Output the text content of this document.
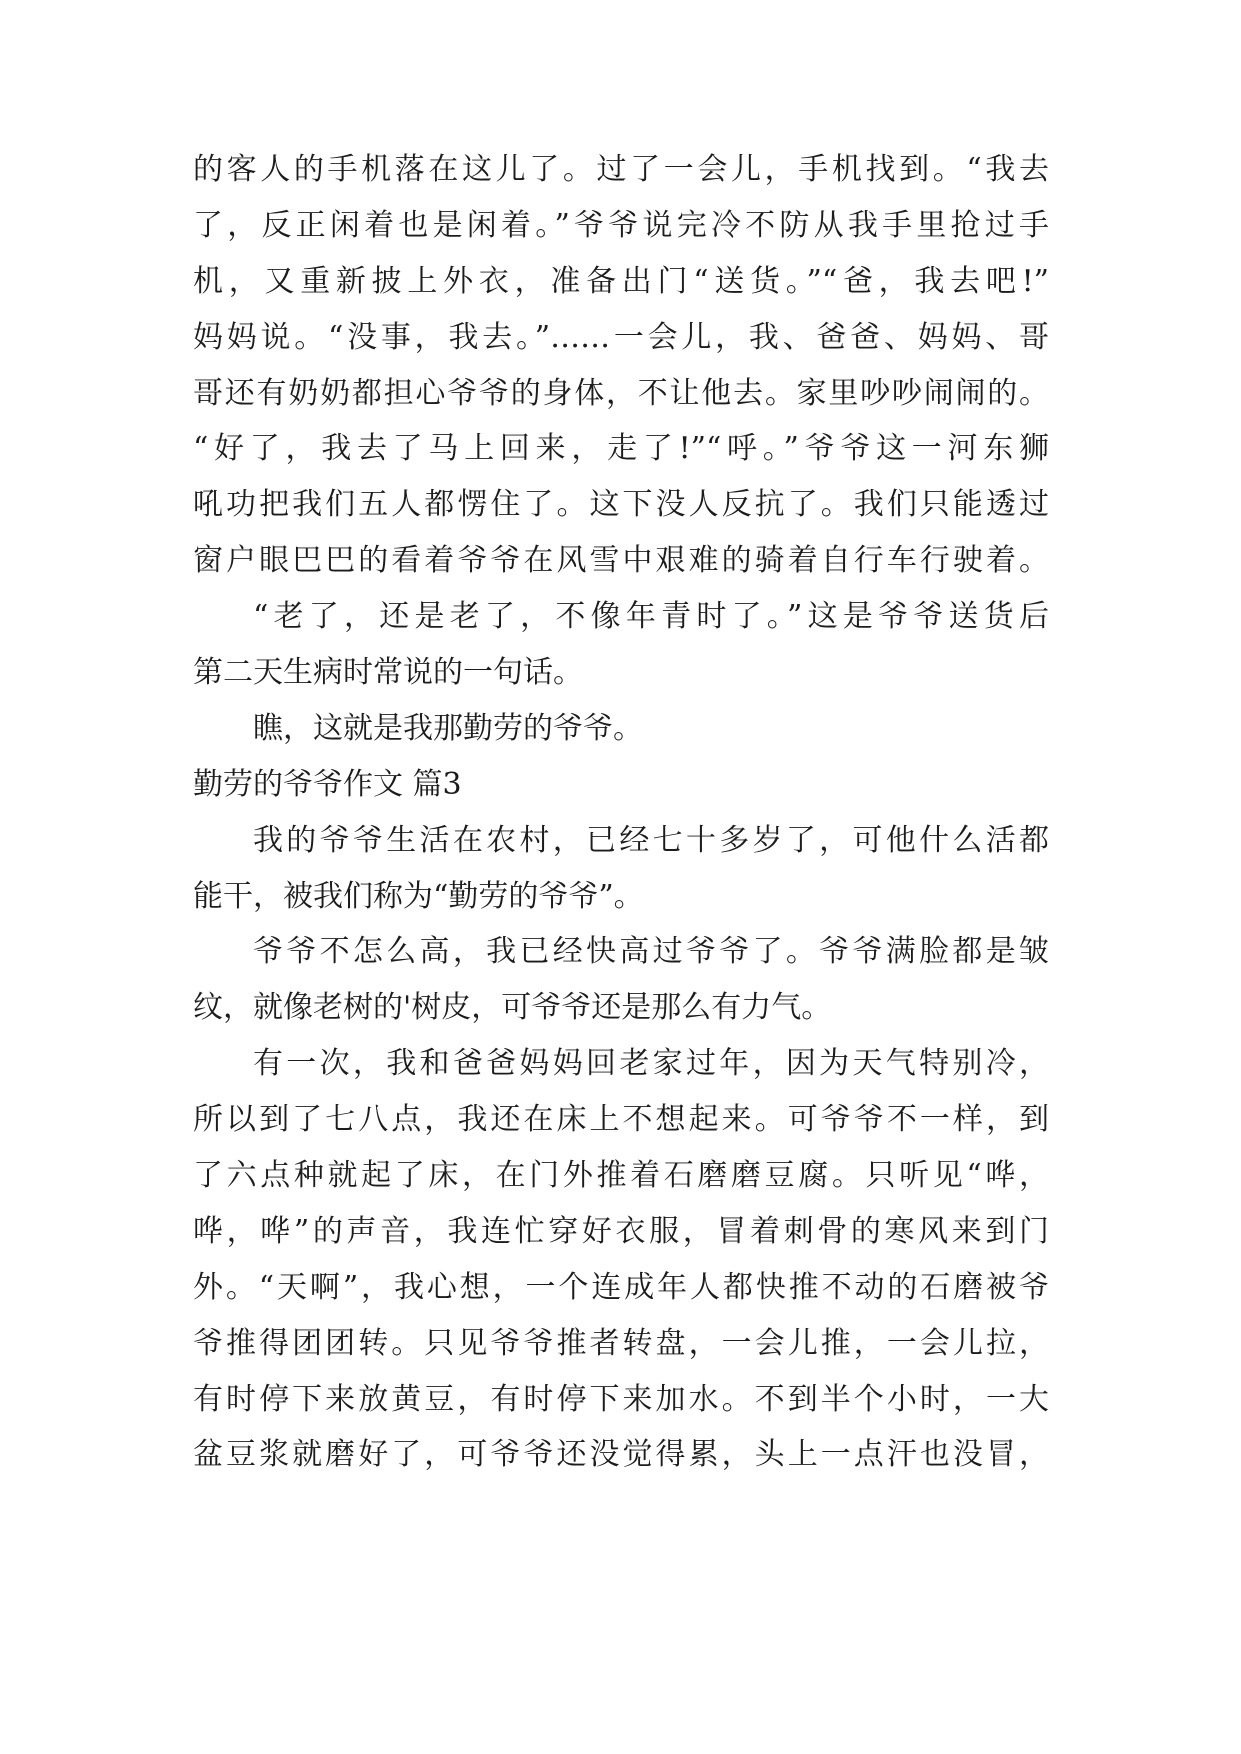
的客人的手机落在这儿了。过了一会儿，手机找到。“我去
了，反正闲着也是闲着。”爷爷说完冷不防从我手里抢过手
机，又重新披上外衣，准备出门“送货。”“爸，我去吧!”
妈妈说。“没事，我去。”……一会儿，我、爸爸、妈妈、哥
哥还有奶奶都担心爷爷的身体，不让他去。家里吵吵闹闹的。
“好了，我去了马上回来，走了!”“呼。”爷爷这一河东狮
吼功把我们五人都愣住了。这下没人反抗了。我们只能透过
窗户眼巴巴的看着爷爷在风雪中艰难的骑着自行车行驶着。
“老了，还是老了，不像年青时了。”这是爷爷送货后
第二天生病时常说的一句话。
瞧，这就是我那勤劳的爷爷。
勤劳的爷爷作文 篇3
我的爷爷生活在农村，已经七十多岁了，可他什么活都
能干，被我们称为“勤劳的爷爷”。
爷爷不怎么高，我已经快高过爷爷了。爷爷满脸都是皱
纹，就像老树的'树皮，可爷爷还是那么有力气。
有一次，我和爸爸妈妈回老家过年，因为天气特别冷，
所以到了七八点，我还在床上不想起来。可爷爷不一样，到
了六点种就起了床，在门外推着石磨磨豆腐。只听见“哗，
哗，哗”的声音，我连忙穿好衣服，冒着刺骨的寒风来到门
外。“天啊”，我心想，一个连成年人都快推不动的石磨被爷
爷推得团团转。只见爷爷推者转盘，一会儿推，一会儿拉，
有时停下来放黄豆，有时停下来加水。不到半个小时，一大
盆豆浆就磨好了，可爷爷还没觉得累，头上一点汗也没冒，
